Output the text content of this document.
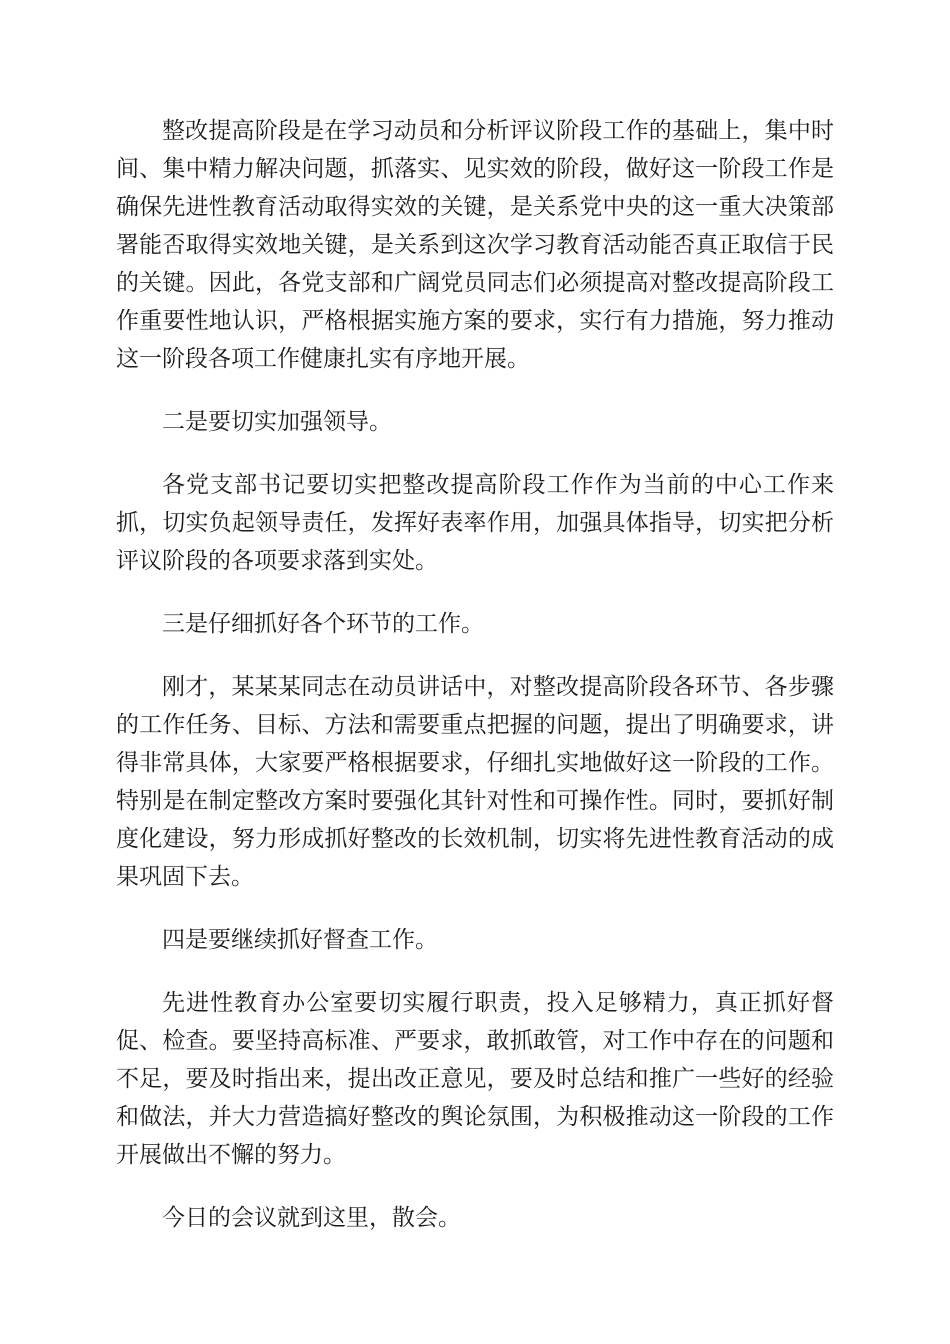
整改提高阶段是在学习动员和分析评议阶段工作的基础上，集中时间、集中精力解决问题，抓落实、见实效的阶段，做好这一阶段工作是确保先进性教育活动取得实效的关键，是关系党中央的这一重大决策部署能否取得实效地关键，是关系到这次学习教育活动能否真正取信于民的关键。因此，各党支部和广阔党员同志们必须提高对整改提高阶段工作重要性地认识，严格根据实施方案的要求，实行有力措施，努力推动这一阶段各项工作健康扎实有序地开展。

二是要切实加强领导。

各党支部书记要切实把整改提高阶段工作作为当前的中心工作来抓，切实负起领导责任，发挥好表率作用，加强具体指导，切实把分析评议阶段的各项要求落到实处。

三是仔细抓好各个环节的工作。

刚才，某某某同志在动员讲话中，对整改提高阶段各环节、各步骤的工作任务、目标、方法和需要重点把握的问题，提出了明确要求，讲得非常具体，大家要严格根据要求，仔细扎实地做好这一阶段的工作。特别是在制定整改方案时要强化其针对性和可操作性。同时，要抓好制度化建设，努力形成抓好整改的长效机制，切实将先进性教育活动的成果巩固下去。

四是要继续抓好督查工作。

先进性教育办公室要切实履行职责，投入足够精力，真正抓好督促、检查。要坚持高标准、严要求，敢抓敢管，对工作中存在的问题和不足，要及时指出来，提出改正意见，要及时总结和推广一些好的经验和做法，并大力营造搞好整改的舆论氛围，为积极推动这一阶段的工作开展做出不懈的努力。

今日的会议就到这里，散会。
